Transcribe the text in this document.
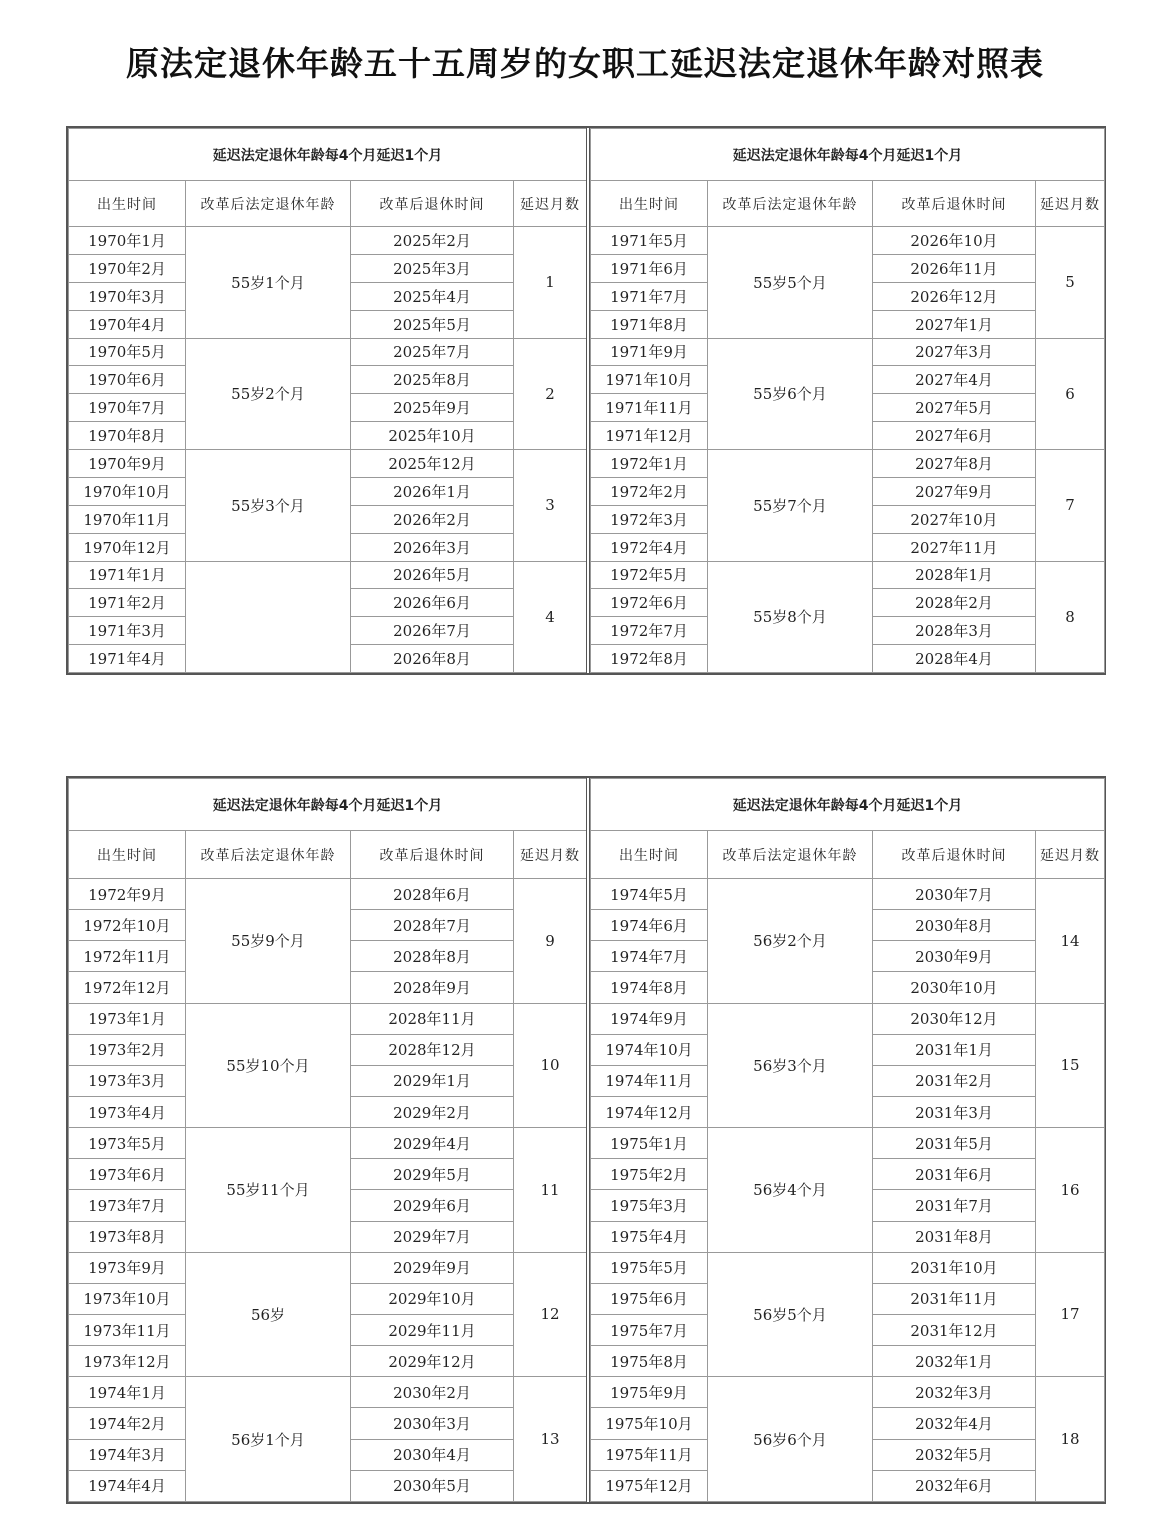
原法定退休年龄五十五周岁的女职工延迟法定退休年龄对照表
延迟法定退休年龄每4个月延迟1个月			
出生时间	改革后法定退休年龄	改革后退休时间	延迟月数
1970年1月	55岁1个月	2025年2月	1
1970年2月		2025年3月	
1970年3月		2025年4月	
1970年4月		2025年5月	
1970年5月	55岁2个月	2025年7月	2
1970年6月		2025年8月	
1970年7月		2025年9月	
1970年8月		2025年10月	
1970年9月	55岁3个月	2025年12月	3
1970年10月		2026年1月	
1970年11月		2026年2月	
1970年12月		2026年3月	
1971年1月		2026年5月	4
1971年2月		2026年6月	
1971年3月		2026年7月	
1971年4月		2026年8月	
延迟法定退休年龄每4个月延迟1个月			
出生时间	改革后法定退休年龄	改革后退休时间	延迟月数
1971年5月	55岁5个月	2026年10月	5
1971年6月		2026年11月	
1971年7月		2026年12月	
1971年8月		2027年1月	
1971年9月	55岁6个月	2027年3月	6
1971年10月		2027年4月	
1971年11月		2027年5月	
1971年12月		2027年6月	
1972年1月	55岁7个月	2027年8月	7
1972年2月		2027年9月	
1972年3月		2027年10月	
1972年4月		2027年11月	
1972年5月	55岁8个月	2028年1月	8
1972年6月		2028年2月	
1972年7月		2028年3月	
1972年8月		2028年4月	
延迟法定退休年龄每4个月延迟1个月			
出生时间	改革后法定退休年龄	改革后退休时间	延迟月数
1972年9月	55岁9个月	2028年6月	9
1972年10月		2028年7月	
1972年11月		2028年8月	
1972年12月		2028年9月	
1973年1月	55岁10个月	2028年11月	10
1973年2月		2028年12月	
1973年3月		2029年1月	
1973年4月		2029年2月	
1973年5月	55岁11个月	2029年4月	11
1973年6月		2029年5月	
1973年7月		2029年6月	
1973年8月		2029年7月	
1973年9月	56岁	2029年9月	12
1973年10月		2029年10月	
1973年11月		2029年11月	
1973年12月		2029年12月	
1974年1月	56岁1个月	2030年2月	13
1974年2月		2030年3月	
1974年3月		2030年4月	
1974年4月		2030年5月	
延迟法定退休年龄每4个月延迟1个月			
出生时间	改革后法定退休年龄	改革后退休时间	延迟月数
1974年5月	56岁2个月	2030年7月	14
1974年6月		2030年8月	
1974年7月		2030年9月	
1974年8月		2030年10月	
1974年9月	56岁3个月	2030年12月	15
1974年10月		2031年1月	
1974年11月		2031年2月	
1974年12月		2031年3月	
1975年1月	56岁4个月	2031年5月	16
1975年2月		2031年6月	
1975年3月		2031年7月	
1975年4月		2031年8月	
1975年5月	56岁5个月	2031年10月	17
1975年6月		2031年11月	
1975年7月		2031年12月	
1975年8月		2032年1月	
1975年9月	56岁6个月	2032年3月	18
1975年10月		2032年4月	
1975年11月		2032年5月	
1975年12月		2032年6月	
